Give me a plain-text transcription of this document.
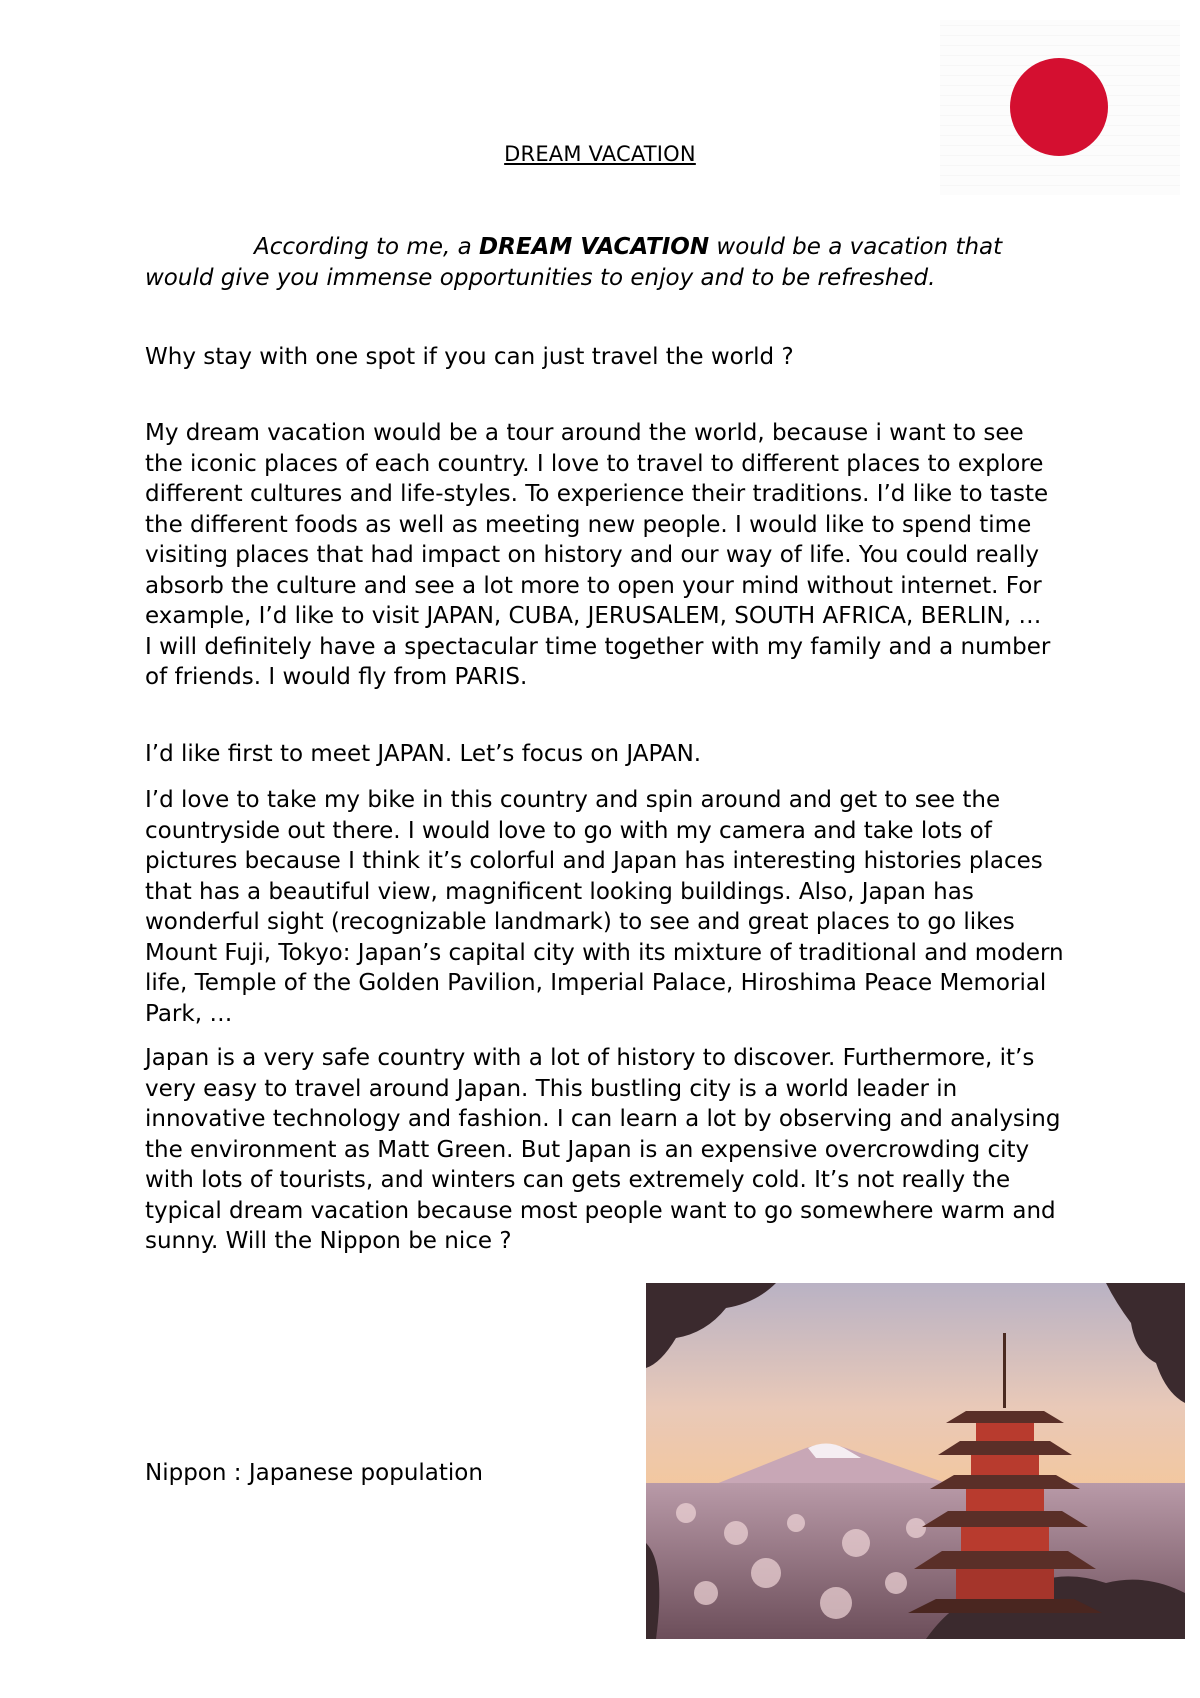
DREAM VACATION
According to me, a DREAM VACATION would be a vacation that would give you immense opportunities to enjoy and to be refreshed.
Why stay with one spot if you can just travel the world ?

My dream vacation would be a tour around the world, because i want to see the iconic places of each country. I love to travel to different places to explore different cultures and life-styles. To experience their traditions. I’d like to taste the different foods as well as meeting new people. I would like to spend time visiting places that had impact on history and our way of life. You could really absorb the culture and see a lot more to open your mind without internet. For example, I’d like to visit JAPAN, CUBA, JERUSALEM, SOUTH AFRICA, BERLIN, …

I will definitely have a spectacular time together with my family and a number of friends. I would fly from PARIS.

I’d like first to meet JAPAN. Let’s focus on JAPAN.
I’d love to take my bike in this country and spin around and get to see the countryside out there. I would love to go with my camera and take lots of pictures because I think it’s colorful and Japan has interesting histories places that has a beautiful view, magnificent looking buildings. Also, Japan has wonderful sight (recognizable landmark) to see and great places to go likes Mount Fuji, Tokyo: Japan’s capital city with its mixture of traditional and modern life, Temple of the Golden Pavilion, Imperial Palace, Hiroshima Peace Memorial Park, …
Japan is a very safe country with a lot of history to discover. Furthermore, it’s very easy to travel around Japan. This bustling city is a world leader in innovative technology and fashion. I can learn a lot by observing and analysing the environment as Matt Green. But Japan is an expensive overcrowding city with lots of tourists, and winters can gets extremely cold. It’s not really the typical dream vacation because most people want to go somewhere warm and sunny. Will the Nippon be nice ?
Nippon : Japanese population
